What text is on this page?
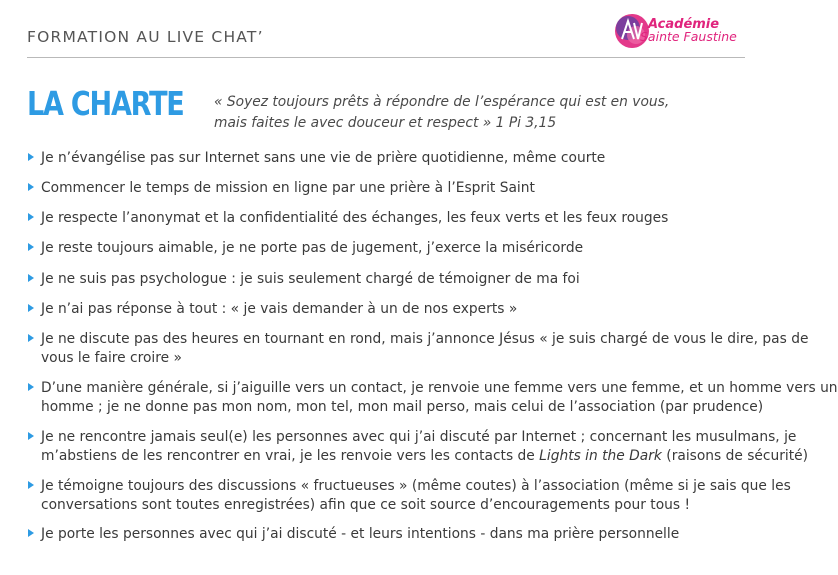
FORMATION AU LIVE CHAT’
Académie
Sainte Faustine
LA CHARTE « Soyez toujours prêts à répondre de l’espérance qui est en vous,
mais faites le avec douceur et respect » 1 Pi 3,15
Je n’évangélise pas sur Internet sans une vie de prière quotidienne, même courte
Commencer le temps de mission en ligne par une prière à l’Esprit Saint
Je respecte l’anonymat et la confidentialité des échanges, les feux verts et les feux rouges
Je reste toujours aimable, je ne porte pas de jugement, j’exerce la miséricorde
Je ne suis pas psychologue : je suis seulement chargé de témoigner de ma foi
Je n’ai pas réponse à tout : « je vais demander à un de nos experts »
Je ne discute pas des heures en tournant en rond, mais j’annonce Jésus « je suis chargé de vous le dire, pas de
vous le faire croire »
D’une manière générale, si j’aiguille vers un contact, je renvoie une femme vers une femme, et un homme vers un
homme ; je ne donne pas mon nom, mon tel, mon mail perso, mais celui de l’association (par prudence)
Je ne rencontre jamais seul(e) les personnes avec qui j’ai discuté par Internet ; concernant les musulmans, je
m’abstiens de les rencontrer en vrai, je les renvoie vers les contacts de Lights in the Dark (raisons de sécurité)
Je témoigne toujours des discussions « fructueuses » (même coutes) à l’association (même si je sais que les
conversations sont toutes enregistrées) afin que ce soit source d’encouragements pour tous !
Je porte les personnes avec qui j’ai discuté - et leurs intentions - dans ma prière personnelle
